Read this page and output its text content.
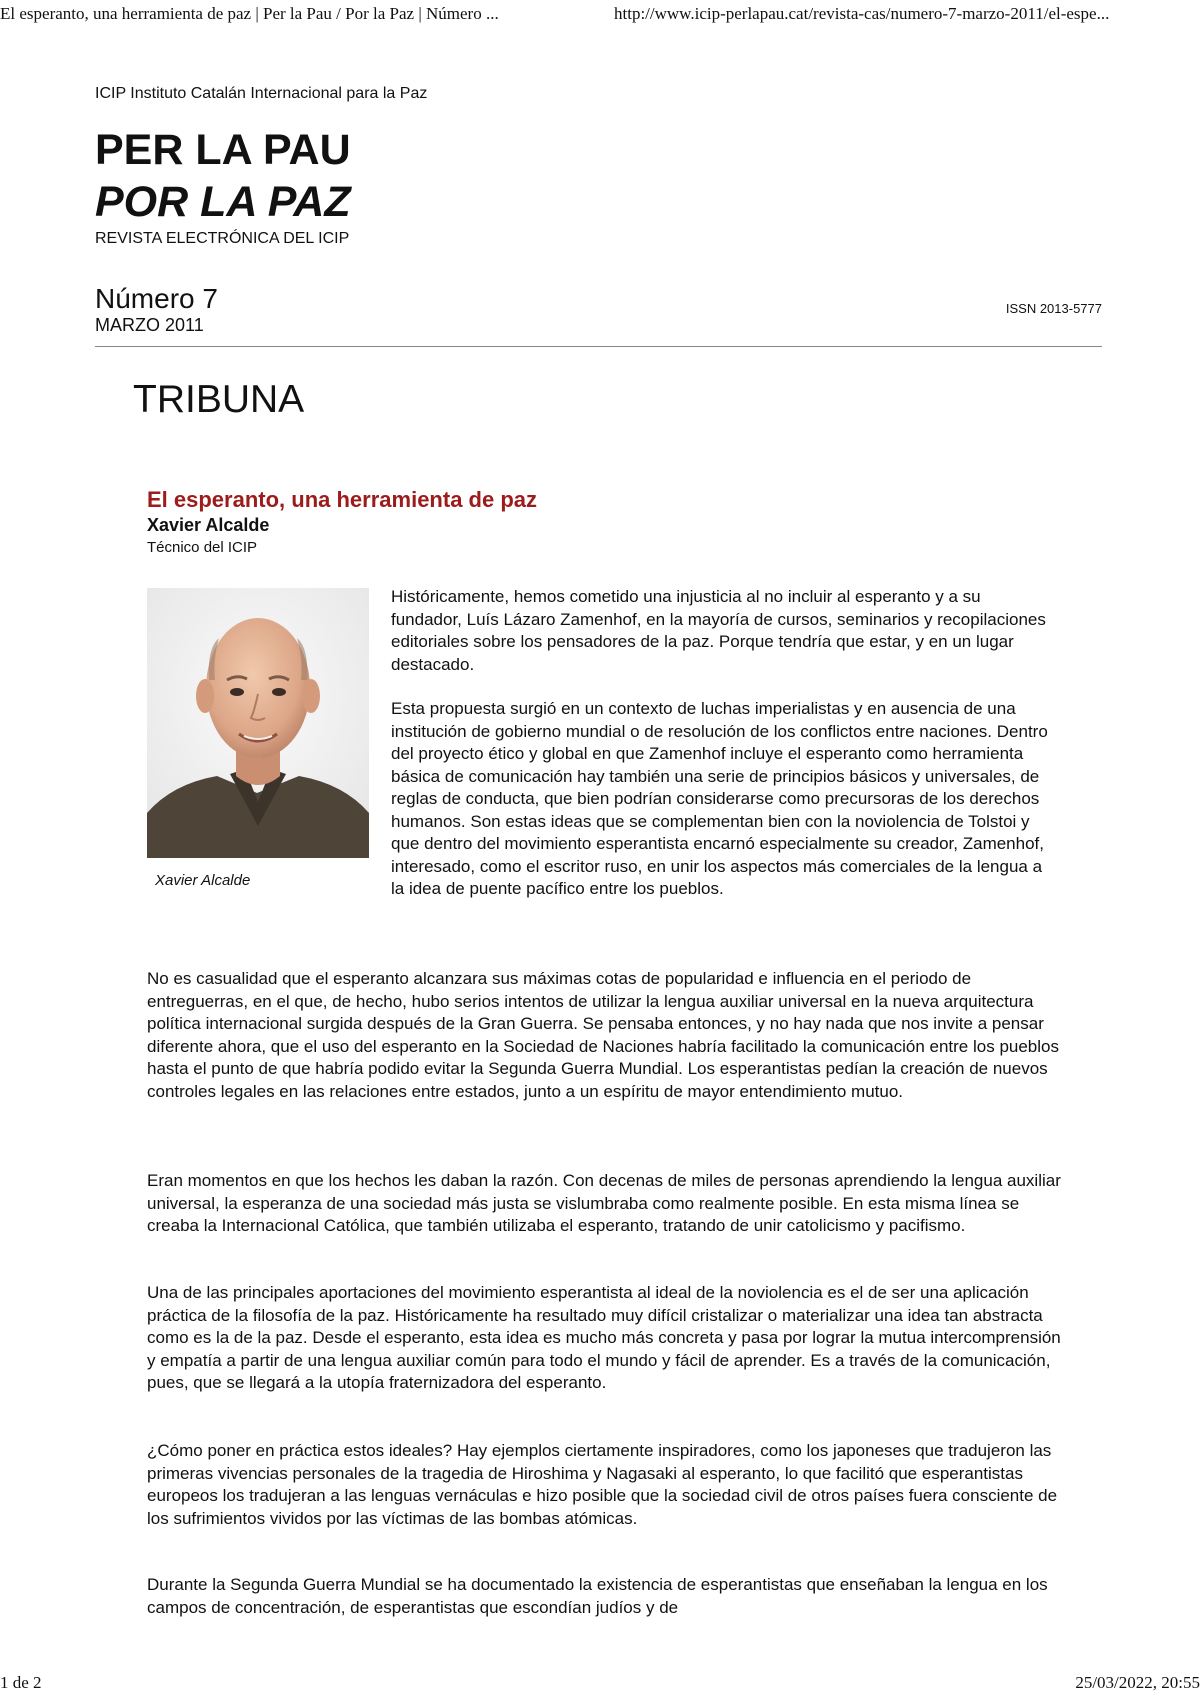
El esperanto, una herramienta de paz | Per la Pau / Por la Paz | Número ...	http://www.icip-perlapau.cat/revista-cas/numero-7-marzo-2011/el-espe...
ICIP Instituto Catalán Internacional para la Paz
PER LA PAU
POR LA PAZ
REVISTA ELECTRÓNICA DEL ICIP
Número 7
MARZO 2011
ISSN 2013-5777
TRIBUNA
El esperanto, una herramienta de paz
Xavier Alcalde
Técnico del ICIP
Xavier Alcalde

Históricamente, hemos cometido una injusticia al no incluir al esperanto y a su fundador, Luís Lázaro Zamenhof, en la mayoría de cursos, seminarios y recopilaciones editoriales sobre los pensadores de la paz. Porque tendría que estar, y en un lugar destacado.

Esta propuesta surgió en un contexto de luchas imperialistas y en ausencia de una institución de gobierno mundial o de resolución de los conflictos entre naciones. Dentro del proyecto ético y global en que Zamenhof incluye el esperanto como herramienta básica de comunicación hay también una serie de principios básicos y universales, de reglas de conducta, que bien podrían considerarse como precursoras de los derechos humanos. Son estas ideas que se complementan bien con la noviolencia de Tolstoi y que dentro del movimiento esperantista encarnó especialmente su creador, Zamenhof, interesado, como el escritor ruso, en unir los aspectos más comerciales de la lengua a la idea de puente pacífico entre los pueblos.

No es casualidad que el esperanto alcanzara sus máximas cotas de popularidad e influencia en el periodo de entreguerras, en el que, de hecho, hubo serios intentos de utilizar la lengua auxiliar universal en la nueva arquitectura política internacional surgida después de la Gran Guerra. Se pensaba entonces, y no hay nada que nos invite a pensar diferente ahora, que el uso del esperanto en la Sociedad de Naciones habría facilitado la comunicación entre los pueblos hasta el punto de que habría podido evitar la Segunda Guerra Mundial. Los esperantistas pedían la creación de nuevos controles legales en las relaciones entre estados, junto a un espíritu de mayor entendimiento mutuo.

Eran momentos en que los hechos les daban la razón. Con decenas de miles de personas aprendiendo la lengua auxiliar universal, la esperanza de una sociedad más justa se vislumbraba como realmente posible. En esta misma línea se creaba la Internacional Católica, que también utilizaba el esperanto, tratando de unir catolicismo y pacifismo.

Una de las principales aportaciones del movimiento esperantista al ideal de la noviolencia es el de ser una aplicación práctica de la filosofía de la paz. Históricamente ha resultado muy difícil cristalizar o materializar una idea tan abstracta como es la de la paz. Desde el esperanto, esta idea es mucho más concreta y pasa por lograr la mutua intercomprensión y empatía a partir de una lengua auxiliar común para todo el mundo y fácil de aprender. Es a través de la comunicación, pues, que se llegará a la utopía fraternizadora del esperanto.

¿Cómo poner en práctica estos ideales? Hay ejemplos ciertamente inspiradores, como los japoneses que tradujeron las primeras vivencias personales de la tragedia de Hiroshima y Nagasaki al esperanto, lo que facilitó que esperantistas europeos los tradujeran a las lenguas vernáculas e hizo posible que la sociedad civil de otros países fuera consciente de los sufrimientos vividos por las víctimas de las bombas atómicas.

Durante la Segunda Guerra Mundial se ha documentado la existencia de esperantistas que enseñaban la lengua en los campos de concentración, de esperantistas que escondían judíos y de

1 de 2	25/03/2022, 20:55
